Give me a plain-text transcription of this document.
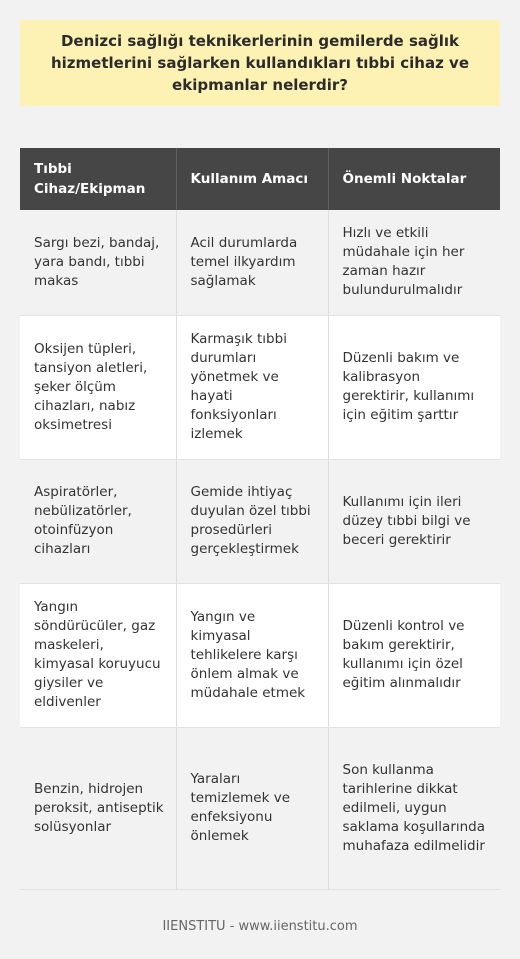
Denizci sağlığı teknikerlerinin gemilerde sağlık hizmetlerini sağlarken kullandıkları tıbbi cihaz ve ekipmanlar nelerdir?
Tıbbi Cihaz/Ekipman	Kullanım Amacı	Önemli Noktalar
Sargı bezi, bandaj, yara bandı, tıbbi makas	Acil durumlarda temel ilkyardım sağlamak	Hızlı ve etkili müdahale için her zaman hazır bulundurulmalıdır
Oksijen tüpleri, tansiyon aletleri, şeker ölçüm cihazları, nabız oksimetresi	Karmaşık tıbbi durumları yönetmek ve hayati fonksiyonları izlemek	Düzenli bakım ve kalibrasyon gerektirir, kullanımı için eğitim şarttır
Aspiratörler, nebülizatörler, otoinfüzyon cihazları	Gemide ihtiyaç duyulan özel tıbbi prosedürleri gerçekleştirmek	Kullanımı için ileri düzey tıbbi bilgi ve beceri gerektirir
Yangın söndürücüler, gaz maskeleri, kimyasal koruyucu giysiler ve eldivenler	Yangın ve kimyasal tehlikelere karşı önlem almak ve müdahale etmek	Düzenli kontrol ve bakım gerektirir, kullanımı için özel eğitim alınmalıdır
Benzin, hidrojen peroksit, antiseptik solüsyonlar	Yaraları temizlemek ve enfeksiyonu önlemek	Son kullanma tarihlerine dikkat edilmeli, uygun saklama koşullarında muhafaza edilmelidir
IIENSTITU - www.iienstitu.com
